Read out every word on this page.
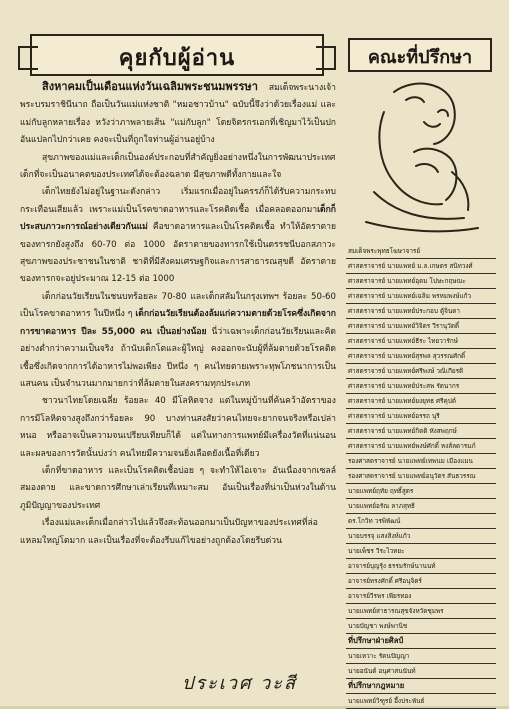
คุยกับผู้อ่าน

สิงหาคมเป็นเดือนแห่งวันเฉลิมพระชนมพรรษา สมเด็จพระนางเจ้า พระบรมราชินีนาถ ถือเป็นวันแม่แห่งชาติ "หมอชาวบ้าน" ฉบับนี้จึงว่าด้วยเรื่องแม่ และแม่กับลูกหลายเรื่อง หวังว่าภาพลายเส้น "แม่กับลูก" โดยจิตรกรเอกที่เชิญมาไว้เป็นปกอันแปลกไปกว่าเคย คงจะเป็นที่ถูกใจท่านผู้อ่านอยู่บ้าง

สุขภาพของแม่และเด็กเป็นองค์ประกอบที่สำคัญยิ่งอย่างหนึ่งในการพัฒนาประเทศ เด็กที่จะเป็นอนาคตของประเทศได้จะต้องฉลาด มีสุขภาพดีทั้งกายและใจ

เด็กไทยยังไม่อยู่ในฐานะดังกล่าว เริ่มแรกเมื่ออยู่ในครรภ์ก็ได้รับความกระทบกระเทือนเสียแล้ว เพราะแม่เป็นโรคขาดอาหารและโรคติดเชื้อ เมื่อคลอดออกมาเด็กก็ประสบภาวะการณ์อย่างเดียวกันแม่ คือขาดอาหารและเป็นโรคติดเชื้อ ทำให้อัตราตายของทารกยังสูงถึง 60-70 ต่อ 1000 อัตราตายของทารกใช้เป็นดรรชนีบอกสภาวะสุขภาพของประชาชนในชาติ ชาติที่มีสังคมเศรษฐกิจและการสาธารณสุขดี อัตราตายของทารกจะอยู่ประมาณ 12-15 ต่อ 1000

เด็กก่อนวัยเรียนในชนบทร้อยละ 70-80 และเด็กสลัมในกรุงเทพฯ ร้อยละ 50-60 เป็นโรคขาดอาหาร ในปีหนึ่ง ๆ เด็กก่อนวัยเรียนต้องล้มแก่ความตายด้วยโรคซึ่งเกิดจากการขาดอาหาร ปีละ 55,000 คน เป็นอย่างน้อย นี่ว่าเฉพาะเด็กก่อนวัยเรียนและคิดอย่างต่ำกว่าความเป็นจริง ถ้านับเด็กโตและผู้ใหญ่ คงออกจะนับผู้ที่ล้มตายด้วยโรคติดเชื้อซึ่งเกิดจากการได้อาหารไม่พอเพียง ปีหนึ่ง ๆ คนไทยตายเพราะทุพโภชนาการเป็นแสนคน เป็นจำนวนมากมายกว่าที่ล้มตายในสงครามทุกประเภท

ชาวนาไทยโดยเฉลี่ย ร้อยละ 40 มีโลหิตจาง แต่ในหมู่บ้านที่ค้นคว้าอัตราของการมีโลหิตจางสูงถึงกว่าร้อยละ 90 บางท่านสงสัยว่าคนไทยจะยากจนจริงหรือเปล่าหนอ หรืออาจเป็นความจนเปรียบเทียบก็ได้ แต่ในทางการแพทย์มีเครื่องวัดที่แน่นอน และผลของการวัดนั้นบ่งว่า คนไทยมีความจนยิ่งเลือดยังเนื้อที่เดียว

เด็กที่ขาดอาหาร และเป็นโรคติดเชื้อบ่อย ๆ จะทำให้ไอเจาะ อันเนื่องจากเซลล์สมองตาย และขาดการศึกษาเล่าเรียนที่เหมาะสม อันเป็นเรื่องที่น่าเป็นห่วงในด้านภูมิปัญญาของประเทศ

เรื่องแม่และเด็กเมื่อกล่าวไปแล้วจึงสะท้อนออกมาเป็นปัญหาของประเทศที่ล่อแหลมใหญ่โตมาก และเป็นเรื่องที่จะต้องรีบแก้ไขอย่างถูกต้องโดยรีบด่วน

ประเวศ วะสี
คณะที่ปรึกษา
สมเด็จพระพุทธโฆษาจารย์
ศาสตราจารย์ นายแพทย์ ม.ล.เกษตร สนิทวงศ์
ศาสตราจารย์ นายแพทย์อุดม โปษะกฤษณะ
ศาสตราจารย์ นายแพทย์เฉลิม พรหมพงษ์แก้ว
ศาสตราจารย์ นายแพทย์ประกอบ ตู้จินดา
ศาสตราจารย์ นายแพทย์วิจิตร วีรานุวัตติ์
ศาสตราจารย์ นายแพทย์ธีระ ไทยวารักษ์
ศาสตราจารย์ นายแพทย์สุรพล สุวรรณศักดิ์
ศาสตราจารย์ นายแพทย์ศรีพงษ์ วณิเกียรติ
ศาสตราจารย์ นายแพทย์ประสพ รัตนากร
ศาสตราจารย์ นายแพทย์ยงยุทธ ศรีคุปต์
ศาสตราจารย์ นายแพทย์อรรถ นุรี
ศาสตราจารย์ นายแพทย์กิตติ หังสพฤกษ์
ศาสตราจารย์ นายแพทย์พงษ์ศักดิ์ หงส์ลดารมภ์
รองศาสตราจารย์ นายแพทย์เทพนม เมืองแมน
รองศาสตราจารย์ นายแพทย์อนุวัตร สันธวรรณ
นายแพทย์ฤทัย ฤทธิ์สูตร
นายแพทย์อรัณ ลาภสุทธิ
ดร.โกวิท วรพิพัฒน์
นายบรรจุ แสงสิงห์แก้ว
นายเพ็ชร วีระไวทยะ
อาจารย์บุญรุ้ง ธรรมรักษ์นานนท์
อาจารย์ทรงศักดิ์ ศรีอนุจิตร์
อาจารย์วีรพร เพียรทอง
นายแพทย์สาธารณสุขจังหวัดชุมพร
นายบัญชา พงษ์พานิช
ที่ปรึกษาฝ่ายศิลป์
นายเหวาะ รัตนปัญญา
นายอนันต์ อนุศาสนนันท์
ที่ปรึกษากฎหมาย
นายแพทย์วิฑูรย์ อึ้งประพันธ์
